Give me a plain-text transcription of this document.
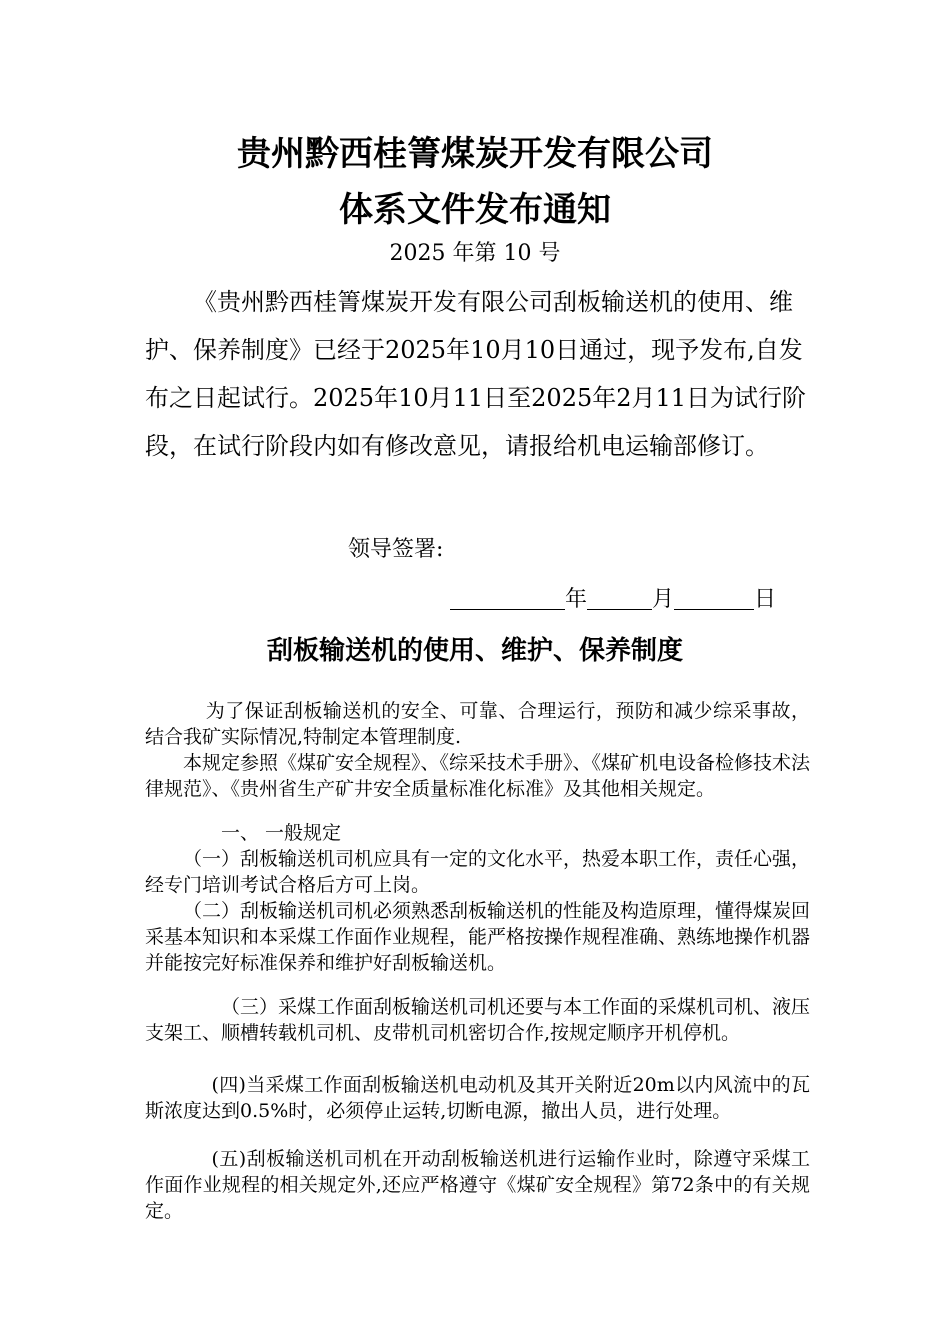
贵州黔西桂箐煤炭开发有限公司
体系文件发布通知
2025 年第 10 号
《贵州黔西桂箐煤炭开发有限公司刮板输送机的使用、维护、保养制度》已经于2025年10月10日通过，现予发布,自发布之日起试行。2025年10月11日至2025年2月11日为试行阶段，在试行阶段内如有修改意见，请报给机电运输部修订。
领导签署:
年	月	日
刮板输送机的使用、维护、保养制度
为了保证刮板输送机的安全、可靠、合理运行，预防和减少综采事故，结合我矿实际情况,特制定本管理制度.
本规定参照《煤矿安全规程》、《综采技术手册》、《煤矿机电设备检修技术法律规范》、《贵州省生产矿井安全质量标准化标准》及其他相关规定。
一、 一般规定
（一）刮板输送机司机应具有一定的文化水平，热爱本职工作，责任心强，经专门培训考试合格后方可上岗。
（二）刮板输送机司机必须熟悉刮板输送机的性能及构造原理，懂得煤炭回采基本知识和本采煤工作面作业规程，能严格按操作规程准确、熟练地操作机器并能按完好标准保养和维护好刮板输送机。
（三）采煤工作面刮板输送机司机还要与本工作面的采煤机司机、液压支架工、顺槽转载机司机、皮带机司机密切合作,按规定顺序开机停机。
(四)当采煤工作面刮板输送机电动机及其开关附近20m以内风流中的瓦斯浓度达到0.5%时，必须停止运转,切断电源，撤出人员，进行处理。
(五)刮板输送机司机在开动刮板输送机进行运输作业时，除遵守采煤工作面作业规程的相关规定外,还应严格遵守《煤矿安全规程》第72条中的有关规定。
